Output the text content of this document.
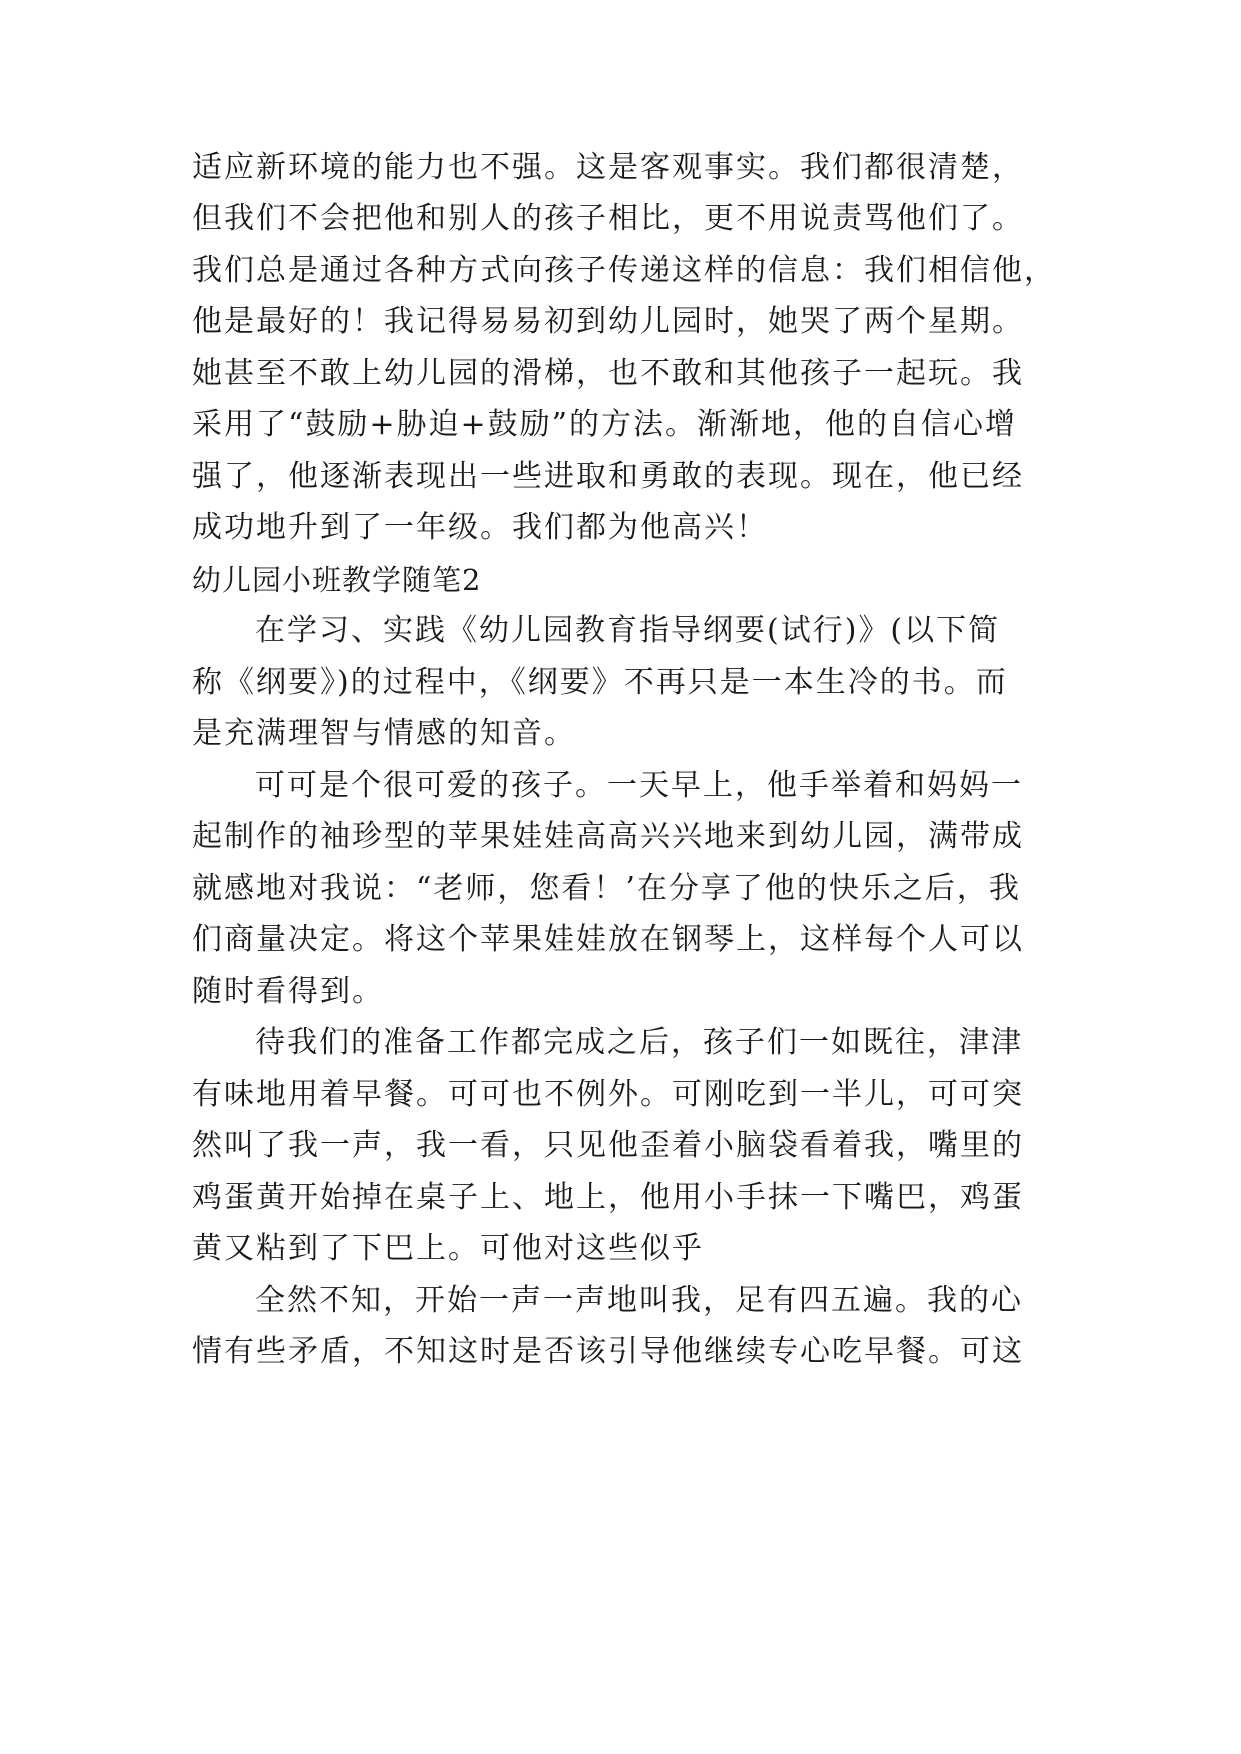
适应新环境的能力也不强。这是客观事实。我们都很清楚，
但我们不会把他和别人的孩子相比，更不用说责骂他们了。
我们总是通过各种方式向孩子传递这样的信息：我们相信他，
他是最好的！我记得易易初到幼儿园时，她哭了两个星期。
她甚至不敢上幼儿园的滑梯，也不敢和其他孩子一起玩。我
采用了“鼓励+胁迫+鼓励”的方法。渐渐地，他的自信心增
强了，他逐渐表现出一些进取和勇敢的表现。现在，他已经
成功地升到了一年级。我们都为他高兴！
幼儿园小班教学随笔2
在学习、实践《幼儿园教育指导纲要(试行)》(以下简
称《纲要》)的过程中，《纲要》不再只是一本生冷的书。而
是充满理智与情感的知音。
可可是个很可爱的孩子。一天早上，他手举着和妈妈一
起制作的袖珍型的苹果娃娃高高兴兴地来到幼儿园，满带成
就感地对我说：“老师，您看！’在分享了他的快乐之后，我
们商量决定。将这个苹果娃娃放在钢琴上，这样每个人可以
随时看得到。
待我们的准备工作都完成之后，孩子们一如既往，津津
有味地用着早餐。可可也不例外。可刚吃到一半儿，可可突
然叫了我一声，我一看，只见他歪着小脑袋看着我，嘴里的
鸡蛋黄开始掉在桌子上、地上，他用小手抹一下嘴巴，鸡蛋
黄又粘到了下巴上。可他对这些似乎
全然不知，开始一声一声地叫我，足有四五遍。我的心
情有些矛盾，不知这时是否该引导他继续专心吃早餐。可这
